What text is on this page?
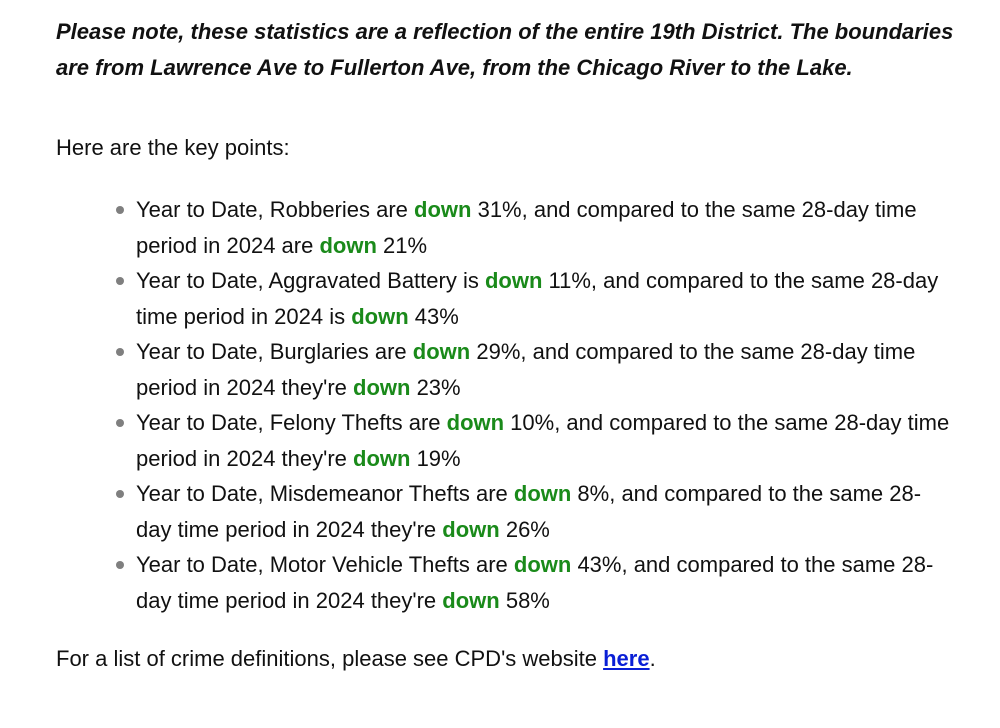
Please note, these statistics are a reflection of the entire 19th District. The boundaries are from Lawrence Ave to Fullerton Ave, from the Chicago River to the Lake.

Here are the key points:

Year to Date, Robberies are down 31%, and compared to the same 28-day time period in 2024 are down 21%
Year to Date, Aggravated Battery is down 11%, and compared to the same 28-day time period in 2024 is down 43%
Year to Date, Burglaries are down 29%, and compared to the same 28-day time period in 2024 they're down 23%
Year to Date, Felony Thefts are down 10%, and compared to the same 28-day time period in 2024 they're down 19%
Year to Date, Misdemeanor Thefts are down 8%, and compared to the same 28-day time period in 2024 they're down 26%
Year to Date, Motor Vehicle Thefts are down 43%, and compared to the same 28-day time period in 2024 they're down 58%

For a list of crime definitions, please see CPD's website here.
